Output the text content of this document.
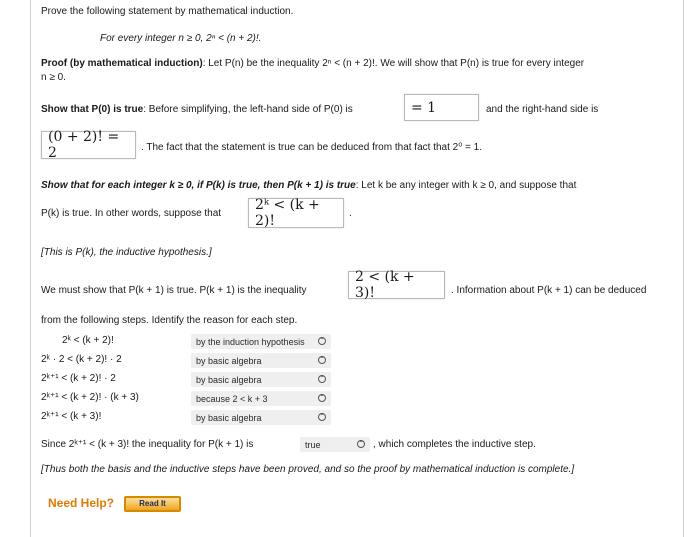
Prove the following statement by mathematical induction.
For every integer n ≥ 0, 2ⁿ < (n + 2)!.
Proof (by mathematical induction): Let P(n) be the inequality 2ⁿ < (n + 2)!. We will show that P(n) is true for every integer
n ≥ 0.
Show that P(0) is true: Before simplifying, the left-hand side of P(0) is	= 1	and the right-hand side is
(0 + 2)! = 2	. The fact that the statement is true can be deduced from that fact that 2⁰ = 1.
Show that for each integer k ≥ 0, if P(k) is true, then P(k + 1) is true: Let k be any integer with k ≥ 0, and suppose that
P(k) is true. In other words, suppose that
2ᵏ < (k + 2)!	.
[This is P(k), the inductive hypothesis.]
We must show that P(k + 1) is true. P(k + 1) is the inequality
2 < (k + 3)!	. Information about P(k + 1) can be deduced
from the following steps. Identify the reason for each step.
2ᵏ < (k + 2)!	by the induction hypothesis ⌃
2ᵏ · 2 < (k + 2)! · 2	by basic algebra	⌃
2ᵏ⁺¹ < (k + 2)! · 2	by basic algebra	⌃
2ᵏ⁺¹ < (k + 2)! · (k + 3)	because 2 < k + 3	⌃
2ᵏ⁺¹ < (k + 3)!	by basic algebra	⌃
Since 2ᵏ⁺¹ < (k + 3)! the inequality for P(k + 1) is	true	⌃ , which completes the inductive step.
[Thus both the basis and the inductive steps have been proved, and so the proof by mathematical induction is complete.]
Need Help?	Read It
